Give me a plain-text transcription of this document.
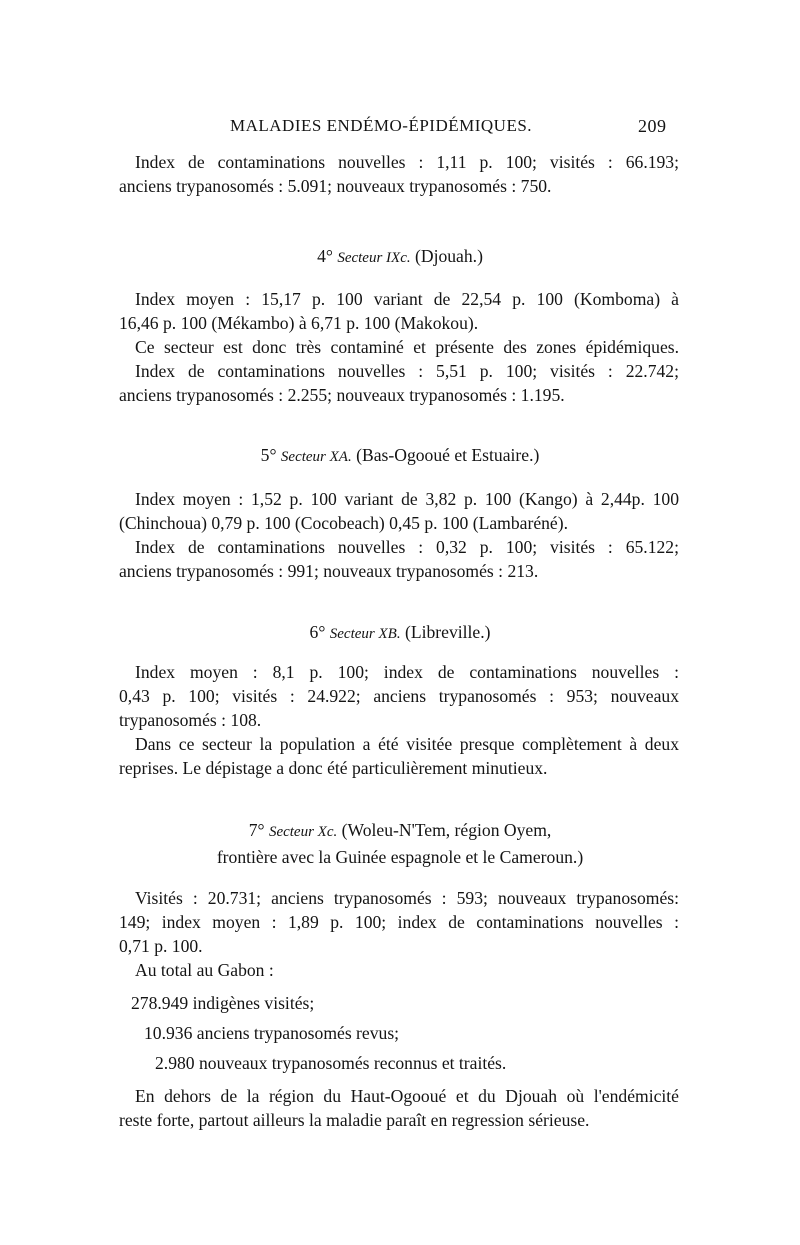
MALADIES ENDÉMO-ÉPIDÉMIQUES.	209

Index de contaminations nouvelles : 1,11 p. 100; visités : 66.193;

anciens trypanosomés : 5.091; nouveaux trypanosomés : 750.

4° Secteur IXc. (Djouah.)

Index moyen : 15,17 p. 100 variant de 22,54 p. 100 (Komboma) à

16,46 p. 100 (Mékambo) à 6,71 p. 100 (Makokou).

Ce secteur est donc très contaminé et présente des zones épidémiques.

Index de contaminations nouvelles : 5,51 p. 100; visités : 22.742;

anciens trypanosomés : 2.255; nouveaux trypanosomés : 1.195.

5° Secteur XA. (Bas-Ogooué et Estuaire.)

Index moyen : 1,52 p. 100 variant de 3,82 p. 100 (Kango) à 2,44p. 100

(Chinchoua) 0,79 p. 100 (Cocobeach) 0,45 p. 100 (Lambaréné).

Index de contaminations nouvelles : 0,32 p. 100; visités : 65.122;

anciens trypanosomés : 991; nouveaux trypanosomés : 213.

6° Secteur XB. (Libreville.)

Index moyen : 8,1 p. 100; index de contaminations nouvelles :

0,43 p. 100; visités : 24.922; anciens trypanosomés : 953; nouveaux

trypanosomés : 108.

Dans ce secteur la population a été visitée presque complètement à deux

reprises. Le dépistage a donc été particulièrement minutieux.

7° Secteur Xc. (Woleu-N'Tem, région Oyem,
frontière avec la Guinée espagnole et le Cameroun.)

Visités : 20.731; anciens trypanosomés : 593; nouveaux trypanosomés:

149; index moyen : 1,89 p. 100; index de contaminations nouvelles :

0,71 p. 100.

Au total au Gabon :

278.949 indigènes visités;
10.936 anciens trypanosomés revus;
2.980 nouveaux trypanosomés reconnus et traités.

En dehors de la région du Haut-Ogooué et du Djouah où l'endémicité

reste forte, partout ailleurs la maladie paraît en regression sérieuse.
